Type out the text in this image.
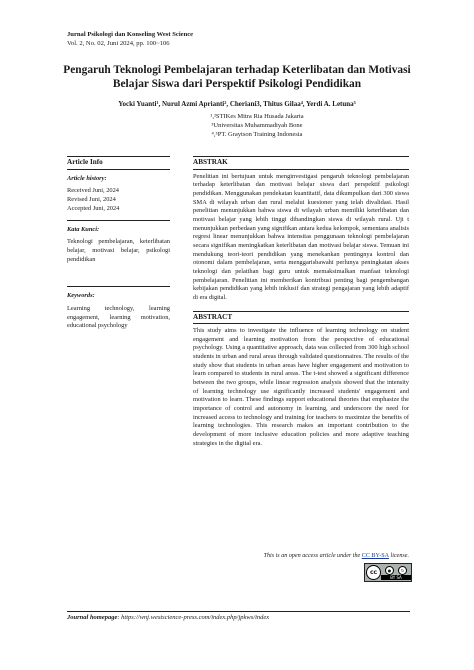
Jurnal Psikologi dan Konseling West Science
Vol. 2, No. 02, Juni 2024, pp. 100~106
Pengaruh Teknologi Pembelajaran terhadap Keterlibatan dan Motivasi Belajar Siswa dari Perspektif Psikologi Pendidikan
Yocki Yuanti¹, Nurul Azmi Aprianti², Cheriani3, Thitus Gilaa⁴, Yerdi A. Letuna⁵
¹,²STIKes Mitra Ria Husada Jakarta
³Universitas Muhammadiyah Bone
⁴,⁵PT. Graytson Training Indonesia
Article Info
Article history:
Received Juni, 2024
Revised Juni, 2024
Accepted Juni, 2024
Kata Kunci:
Teknologi pembelajaran, keterlibatan belajar, motivasi belajar, psikologi pendidikan
Keywords:
Learning technology, learning engagement, learning motivation, educational psychology
ABSTRAK
Penelitian ini bertujuan untuk menginvestigasi pengaruh teknologi pembelajaran terhadap keterlibatan dan motivasi belajar siswa dari perspektif psikologi pendidikan. Menggunakan pendekatan kuantitatif, data dikumpulkan dari 300 siswa SMA di wilayah urban dan rural melalui kuesioner yang telah divalidasi. Hasil penelitian menunjukkan bahwa siswa di wilayah urban memiliki keterlibatan dan motivasi belajar yang lebih tinggi dibandingkan siswa di wilayah rural. Uji t menunjukkan perbedaan yang signifikan antara kedua kelompok, sementara analisis regresi linear menunjukkan bahwa intensitas penggunaan teknologi pembelajaran secara signifikan meningkatkan keterlibatan dan motivasi belajar siswa. Temuan ini mendukung teori-teori pendidikan yang menekankan pentingnya kontrol dan otonomi dalam pembelajaran, serta menggarisbawahi perlunya peningkatan akses teknologi dan pelatihan bagi guru untuk memaksimalkan manfaat teknologi pembelajaran. Penelitian ini memberikan kontribusi penting bagi pengembangan kebijakan pendidikan yang lebih inklusif dan strategi pengajaran yang lebih adaptif di era digital.
ABSTRACT
This study aims to investigate the influence of learning technology on student engagement and learning motivation from the perspective of educational psychology. Using a quantitative approach, data was collected from 300 high school students in urban and rural areas through validated questionnaires. The results of the study show that students in urban areas have higher engagement and motivation to learn compared to students in rural areas. The t-test showed a significant difference between the two groups, while linear regression analysis showed that the intensity of learning technology use significantly increased students' engagement and motivation to learn. These findings support educational theories that emphasize the importance of control and autonomy in learning, and underscore the need for increased access to technology and training for teachers to maximize the benefits of learning technologies. This research makes an important contribution to the development of more inclusive education policies and more adaptive teaching strategies in the digital era.
This is an open access article under the CC BY-SA license.
cc	●	↻
BY SA
Journal homepage: https://wnj.westscience-press.com/index.php/jpkws/index
